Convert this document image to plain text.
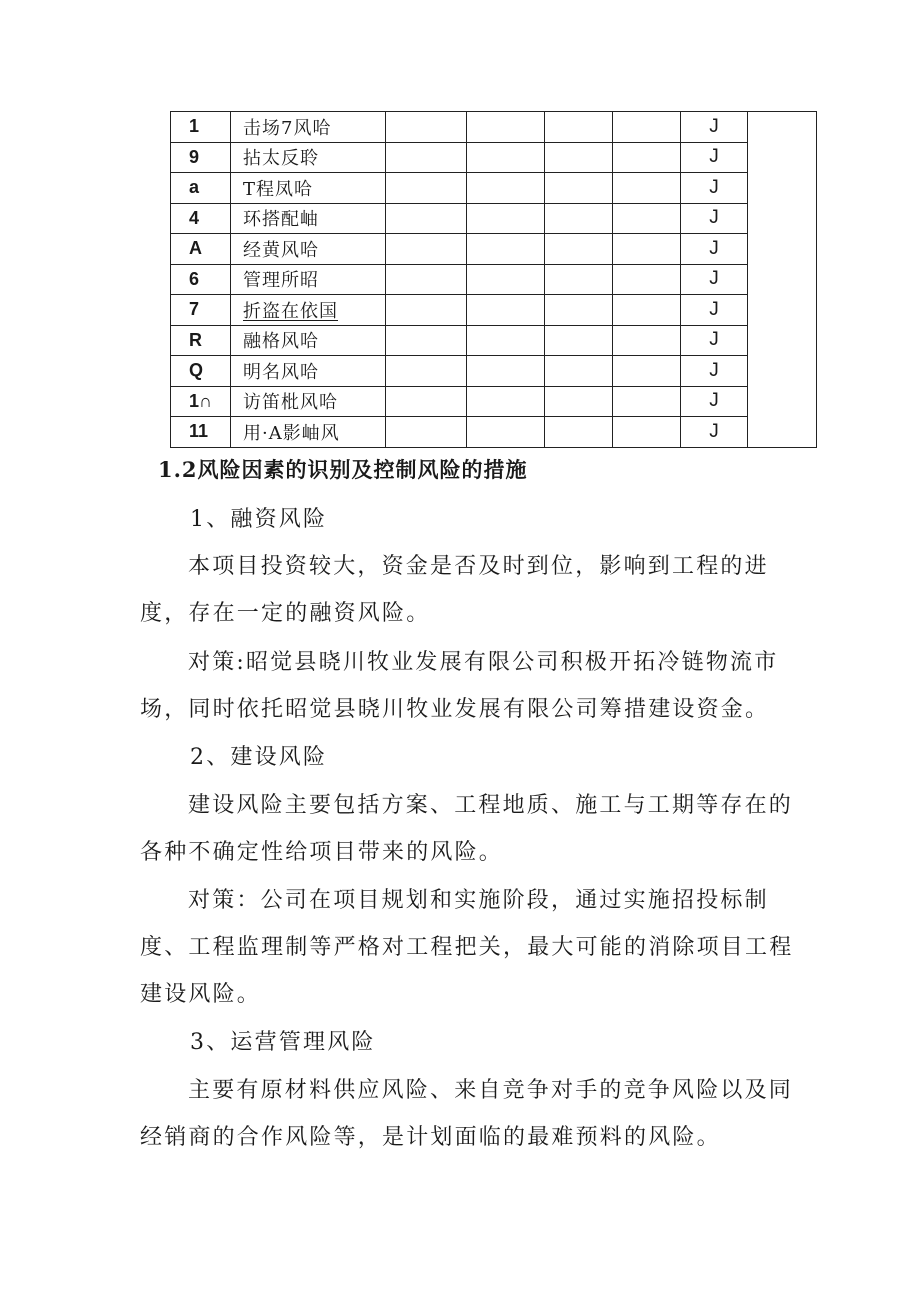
1	击场7风哈					J	
9	拈太反聆					J	
a	T程凤哈					J	
4	环搭配岫					J	
A	经黄风哈					J	
6	管理所昭					J	
7	折盗在依国					J	
R	融格风哈					J	
Q	明名风哈					J	
1∩	访笛枇风哈					J	
11	用·A影岫风					J	
1.2风险因素的识别及控制风险的措施

1、融资风险

本项目投资较大，资金是否及时到位，影响到工程的进度，存在一定的融资风险。

对策:昭觉县晓川牧业发展有限公司积极开拓冷链物流市场，同时依托昭觉县晓川牧业发展有限公司筹措建设资金。

2、建设风险

建设风险主要包括方案、工程地质、施工与工期等存在的各种不确定性给项目带来的风险。

对策：公司在项目规划和实施阶段，通过实施招投标制度、工程监理制等严格对工程把关，最大可能的消除项目工程建设风险。

3、运营管理风险

主要有原材料供应风险、来自竞争对手的竞争风险以及同经销商的合作风险等，是计划面临的最难预料的风险。
